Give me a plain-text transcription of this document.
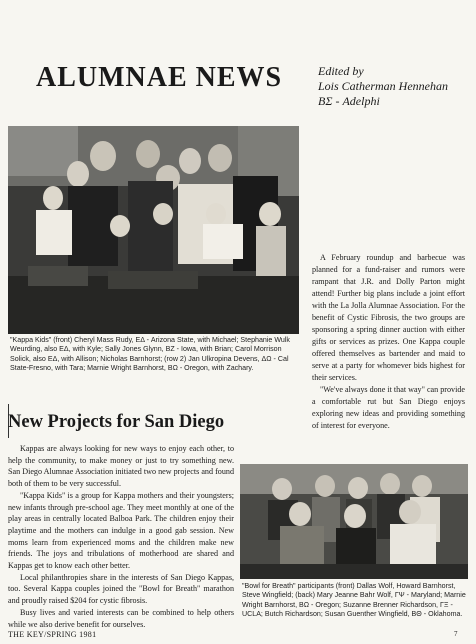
ALUMNAE NEWS	Edited by
Lois Catherman Hennehan
BΣ - Adelphi
"Kappa Kids" (front) Cheryl Mass Rudy, EΔ - Arizona State, with Michael; Stephanie Wulk Weurding, also EΔ, with Kyle; Sally Jones Glynn, BZ - Iowa, with Brian; Carol Morrison Solick, also EΔ, with Allison; Nicholas Barnhorst; (row 2) Jan Ulkropina Devens, ΔΩ - Cal State-Fresno, with Tara; Marnie Wright Barnhorst, BΩ - Oregon, with Zachary.

A February roundup and barbecue was planned for a fund-raiser and rumors were rampant that J.R. and Dolly Parton might attend! Further big plans include a joint effort with the La Jolla Alumnae Association. For the benefit of Cystic Fibrosis, the two groups are sponsoring a spring dinner auction with either gifts or services as prizes. One Kappa couple offered themselves as bartender and maid to serve at a party for whomever bids highest for their services.

"We've always done it that way" can provide a comfortable rut but San Diego enjoys exploring new ideas and providing something of interest for everyone.

New Projects for San Diego

Kappas are always looking for new ways to enjoy each other, to help the community, to make money or just to try something new. San Diego Alumnae Association initiated two new projects and found both of them to be very successful.

"Kappa Kids" is a group for Kappa mothers and their youngsters; new infants through pre-school age. They meet monthly at one of the play areas in centrally located Balboa Park. The children enjoy their playtime and the mothers can indulge in a good gab session. New moms learn from experienced moms and the children make new friends. The joys and tribulations of motherhood are shared and Kappas get to know each other better.

Local philanthropies share in the interests of San Diego Kappas, too. Several Kappa couples joined the "Bowl for Breath" marathon and proudly raised $204 for cystic fibrosis.

Busy lives and varied interests can be combined to help others while we also derive benefit for ourselves.

"Bowl for Breath" participants (front) Dallas Wolf, Howard Barnhorst, Steve Wingfield; (back) Mary Jeanne Bahr Wolf, ΓΨ - Maryland; Marnie Wright Barnhorst, BΩ - Oregon; Suzanne Brenner Richardson, ΓΞ - UCLA; Butch Richardson; Susan Guenther Wingfield, BΘ - Oklahoma.
THE KEY/SPRING 1981	7
